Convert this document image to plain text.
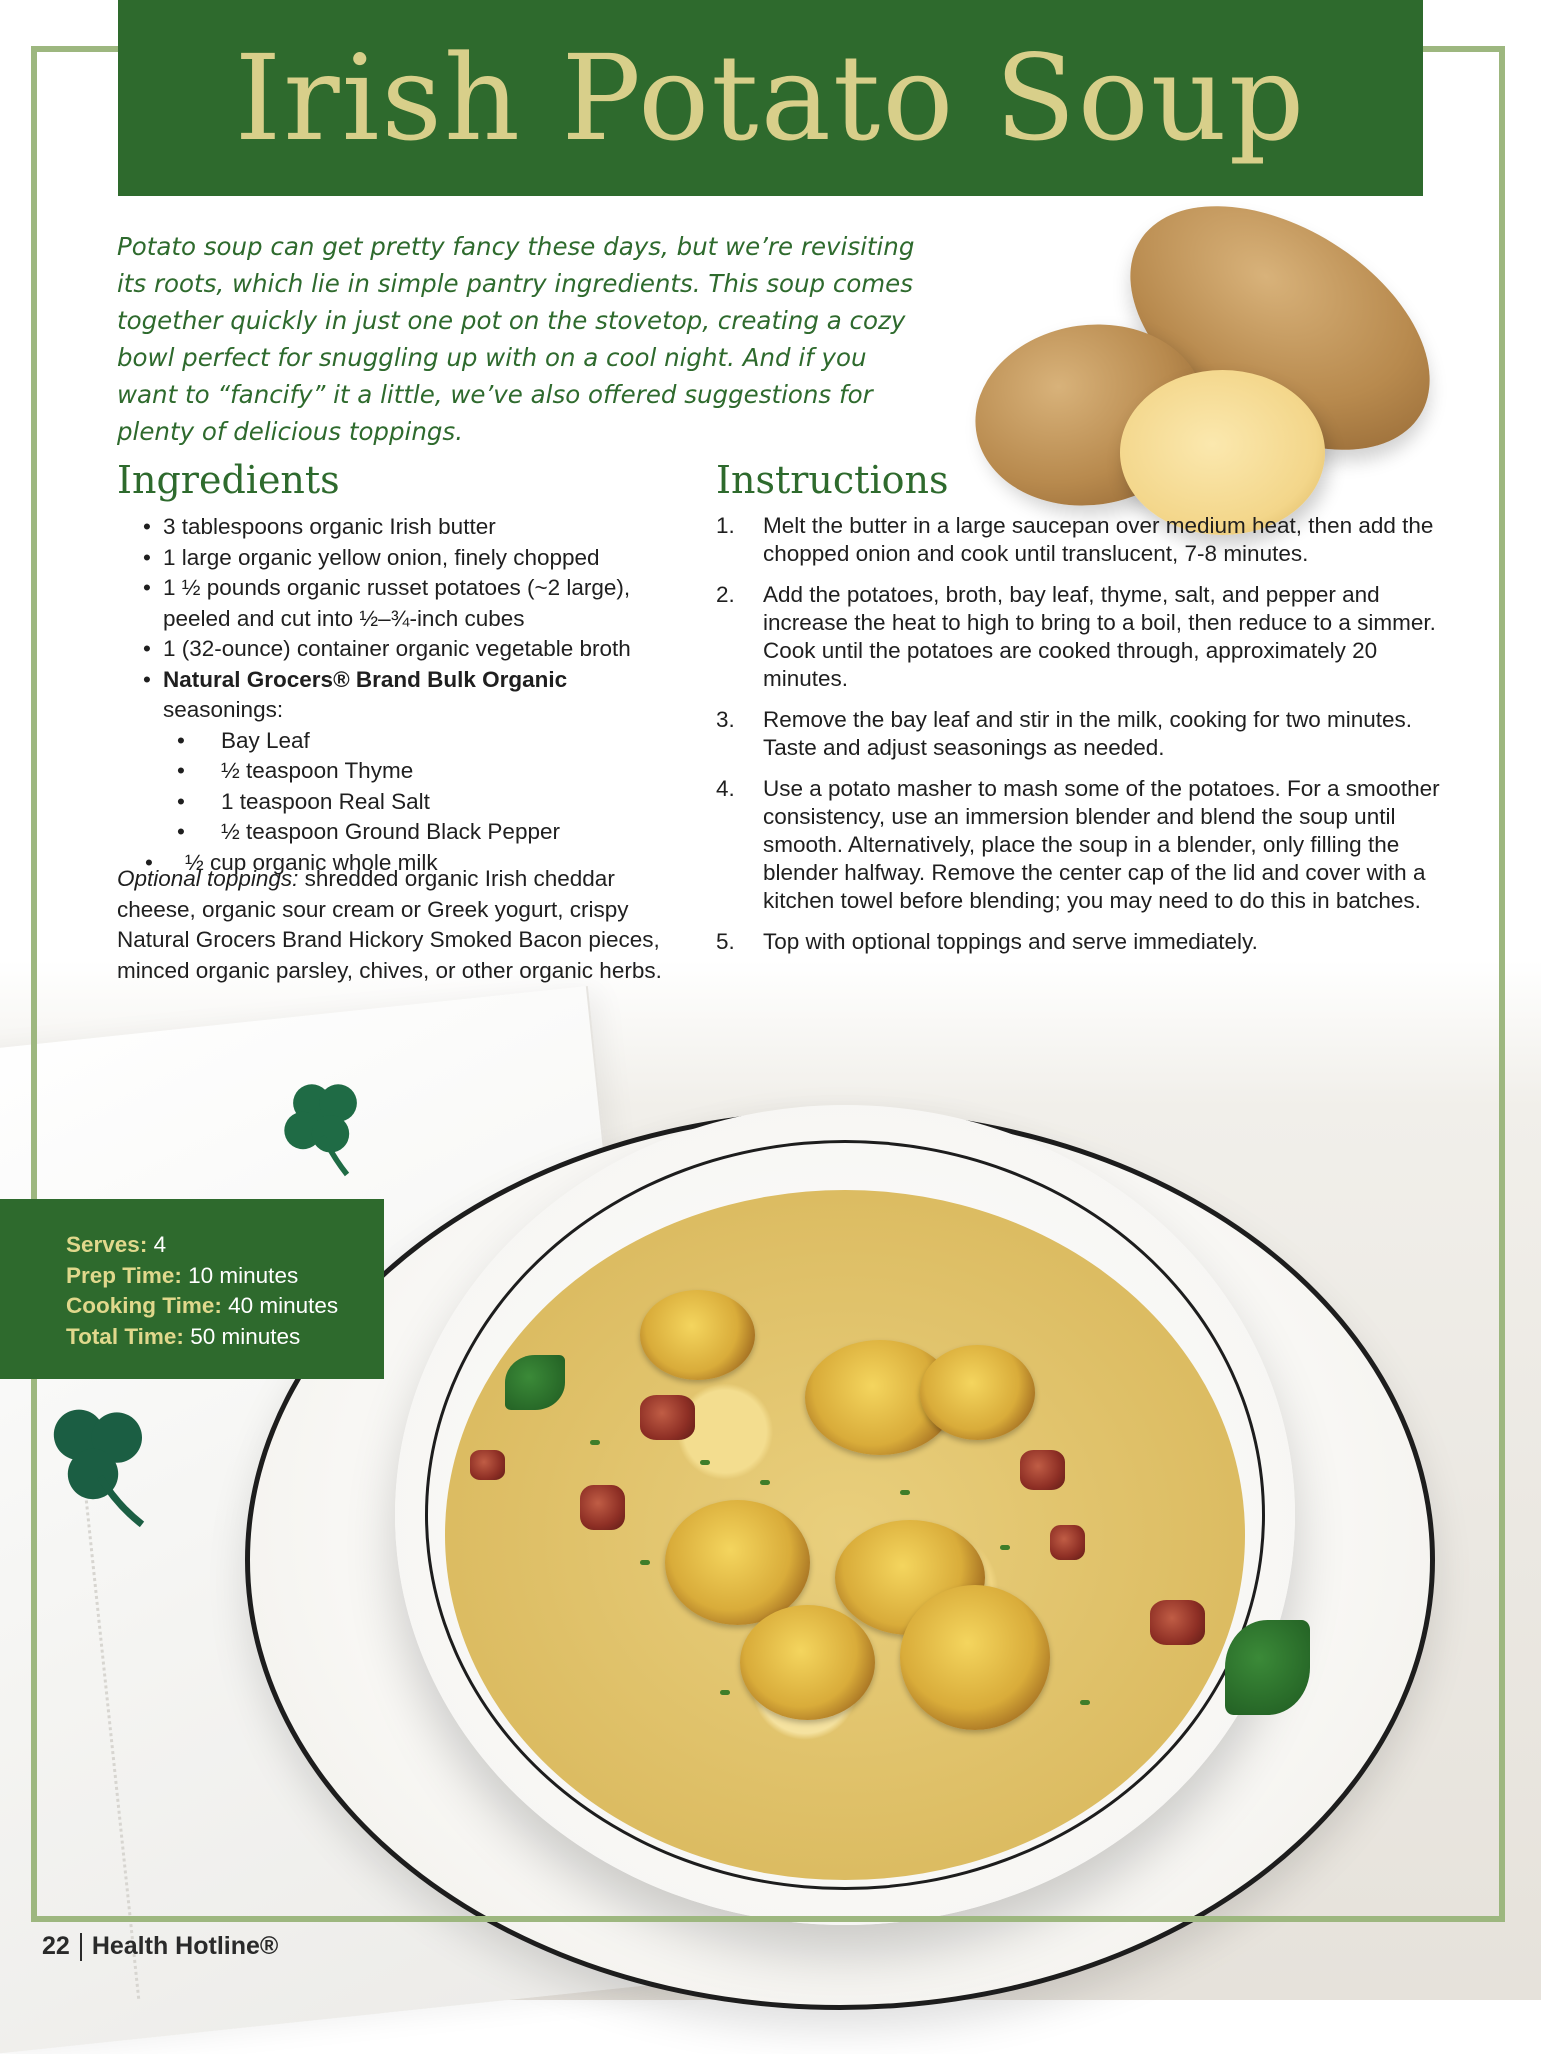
Irish Potato Soup

Potato soup can get pretty fancy these days, but we’re revisiting its roots, which lie in simple pantry ingredients. This soup comes together quickly in just one pot on the stovetop, creating a cozy bowl perfect for snuggling up with on a cool night. And if you want to “fancify” it a little, we’ve also offered suggestions for plenty of delicious toppings.

Ingredients
• 3 tablespoons organic Irish butter
• 1 large organic yellow onion, finely chopped
• 1 ½ pounds organic russet potatoes (~2 large), peeled and cut into ½–¾-inch cubes
• 1 (32-ounce) container organic vegetable broth
• Natural Grocers® Brand Bulk Organic seasonings:
• Bay Leaf
• ½ teaspoon Thyme
• 1 teaspoon Real Salt
• ½ teaspoon Ground Black Pepper
• ½ cup organic whole milk

Optional toppings: shredded organic Irish cheddar cheese, organic sour cream or Greek yogurt, crispy Natural Grocers Brand Hickory Smoked Bacon pieces, minced organic parsley, chives, or other organic herbs.

Instructions
1. Melt the butter in a large saucepan over medium heat, then add the chopped onion and cook until translucent, 7-8 minutes.
2. Add the potatoes, broth, bay leaf, thyme, salt, and pepper and increase the heat to high to bring to a boil, then reduce to a simmer. Cook until the potatoes are cooked through, approximately 20 minutes.
3. Remove the bay leaf and stir in the milk, cooking for two minutes. Taste and adjust seasonings as needed.
4. Use a potato masher to mash some of the potatoes. For a smoother consistency, use an immersion blender and blend the soup until smooth. Alternatively, place the soup in a blender, only filling the blender halfway. Remove the center cap of the lid and cover with a kitchen towel before blending; you may need to do this in batches.
5. Top with optional toppings and serve immediately.
Serves: 4
Prep Time: 10 minutes
Cooking Time: 40 minutes
Total Time: 50 minutes
22 Health Hotline®
